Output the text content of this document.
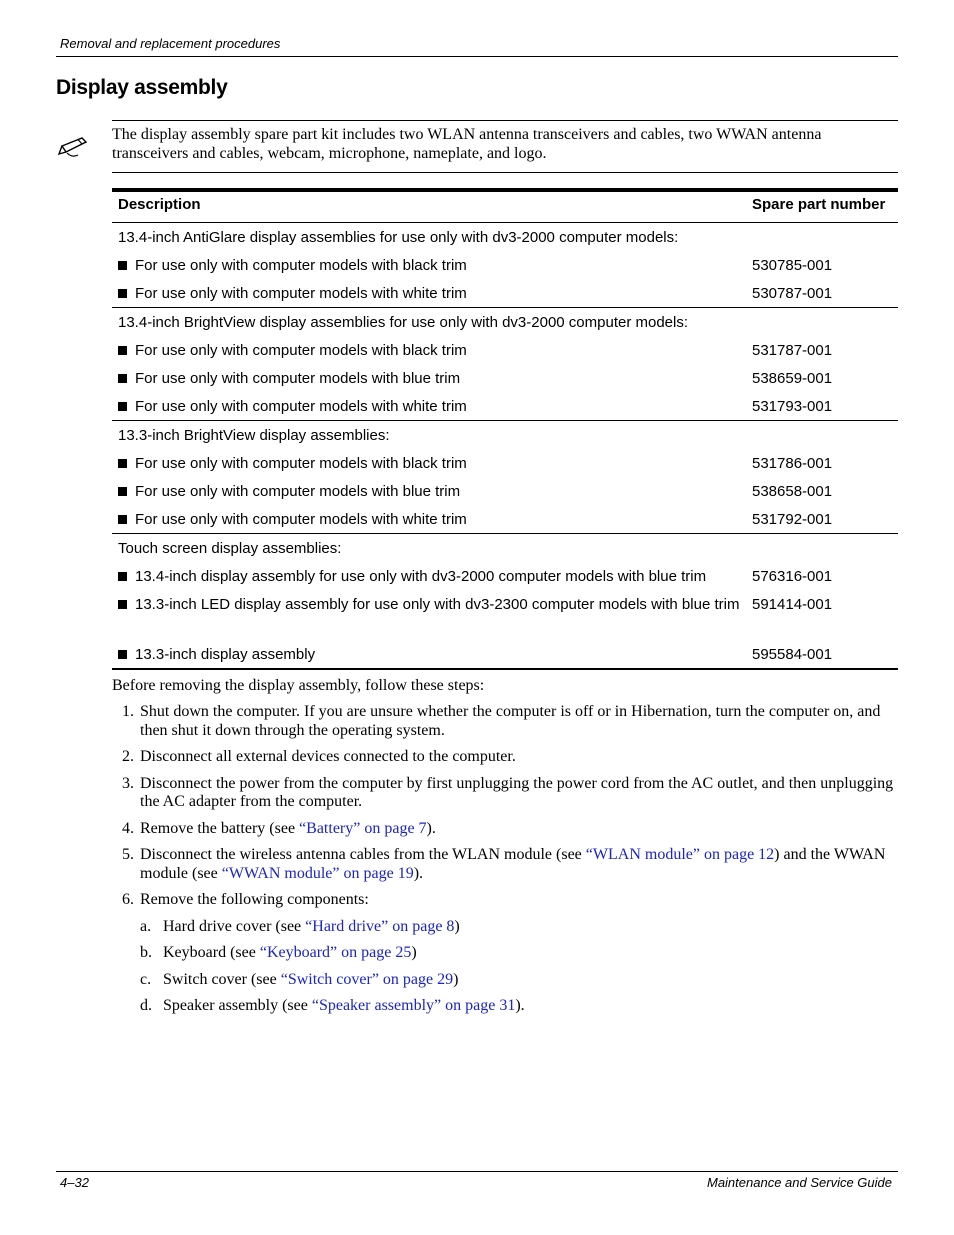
Removal and replacement procedures
Display assembly
The display assembly spare part kit includes two WLAN antenna transceivers and cables, two WWAN antenna transceivers and cables, webcam, microphone, nameplate, and logo.
Description	Spare part number
13.4-inch AntiGlare display assemblies for use only with dv3-2000 computer models:	

For use only with computer models with black trim	530785-001

For use only with computer models with white trim	530787-001
13.4-inch BrightView display assemblies for use only with dv3-2000 computer models:	

For use only with computer models with black trim	531787-001

For use only with computer models with blue trim	538659-001

For use only with computer models with white trim	531793-001
13.3-inch BrightView display assemblies:	

For use only with computer models with black trim	531786-001

For use only with computer models with blue trim	538658-001

For use only with computer models with white trim	531792-001
Touch screen display assemblies:	

13.4-inch display assembly for use only with dv3-2000 computer models with blue trim	576316-001

13.3-inch LED display assembly for use only with dv3-2300 computer models with blue trim	591414-001

13.3-inch display assembly	595584-001
Before removing the display assembly, follow these steps:
1. Shut down the computer. If you are unsure whether the computer is off or in Hibernation, turn the computer on, and then shut it down through the operating system.
2. Disconnect all external devices connected to the computer.
3. Disconnect the power from the computer by first unplugging the power cord from the AC outlet, and then unplugging the AC adapter from the computer.
4. Remove the battery (see “Battery” on page 7).
5. Disconnect the wireless antenna cables from the WLAN module (see “WLAN module” on page 12) and the WWAN module (see “WWAN module” on page 19).
6. Remove the following components:
a. Hard drive cover (see “Hard drive” on page 8)
b. Keyboard (see “Keyboard” on page 25)
c. Switch cover (see “Switch cover” on page 29)
d. Speaker assembly (see “Speaker assembly” on page 31).
4–32	Maintenance and Service Guide
